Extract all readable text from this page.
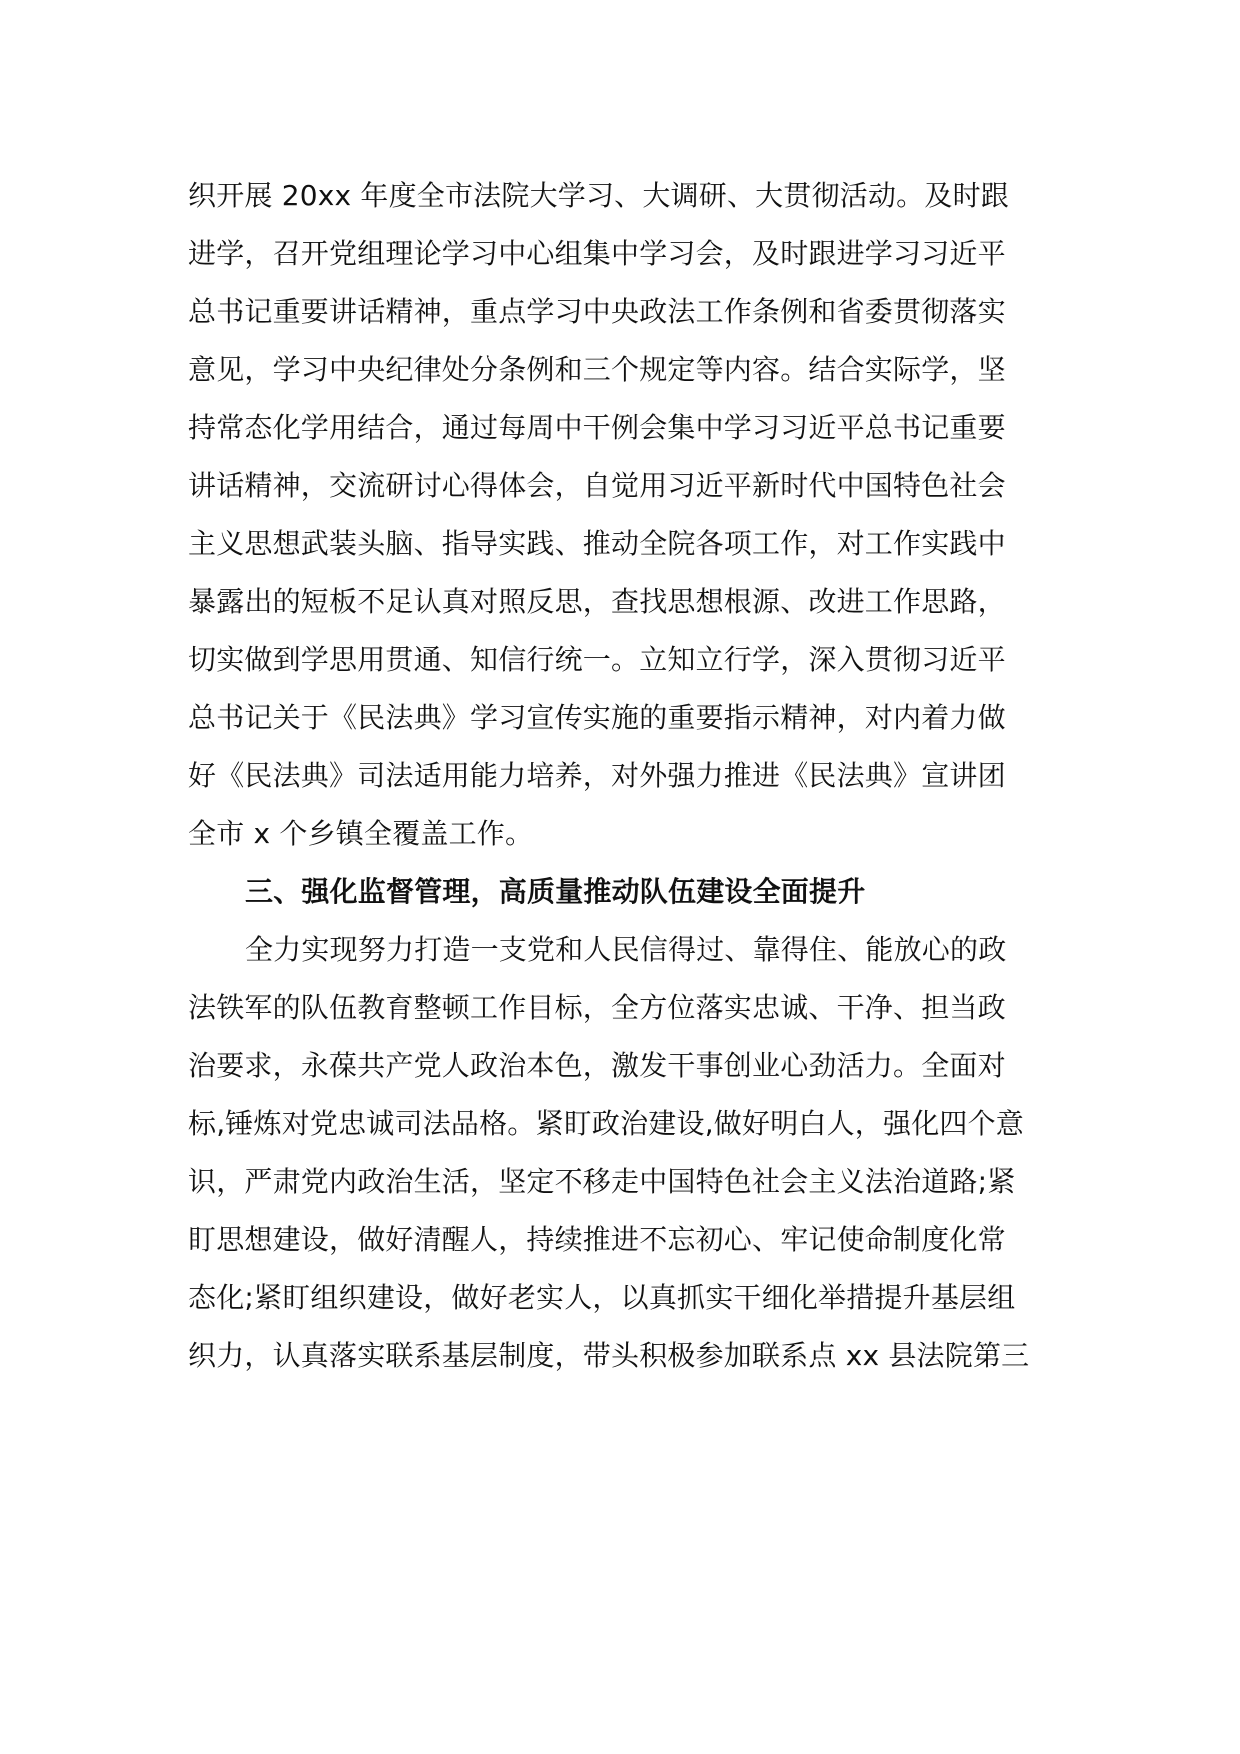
织开展 20xx 年度全市法院大学习、大调研、大贯彻活动。及时跟
进学，召开党组理论学习中心组集中学习会，及时跟进学习习近平
总书记重要讲话精神，重点学习中央政法工作条例和省委贯彻落实
意见，学习中央纪律处分条例和三个规定等内容。结合实际学，坚
持常态化学用结合，通过每周中干例会集中学习习近平总书记重要
讲话精神，交流研讨心得体会，自觉用习近平新时代中国特色社会
主义思想武装头脑、指导实践、推动全院各项工作，对工作实践中
暴露出的短板不足认真对照反思，查找思想根源、改进工作思路，
切实做到学思用贯通、知信行统一。立知立行学，深入贯彻习近平
总书记关于《民法典》学习宣传实施的重要指示精神，对内着力做
好《民法典》司法适用能力培养，对外强力推进《民法典》宣讲团
全市 x 个乡镇全覆盖工作。
三、强化监督管理，高质量推动队伍建设全面提升
全力实现努力打造一支党和人民信得过、靠得住、能放心的政
法铁军的队伍教育整顿工作目标，全方位落实忠诚、干净、担当政
治要求，永葆共产党人政治本色，激发干事创业心劲活力。全面对
标,锤炼对党忠诚司法品格。紧盯政治建设,做好明白人，强化四个意
识，严肃党内政治生活，坚定不移走中国特色社会主义法治道路;紧
盯思想建设，做好清醒人，持续推进不忘初心、牢记使命制度化常
态化;紧盯组织建设，做好老实人，以真抓实干细化举措提升基层组
织力，认真落实联系基层制度，带头积极参加联系点 xx 县法院第三
